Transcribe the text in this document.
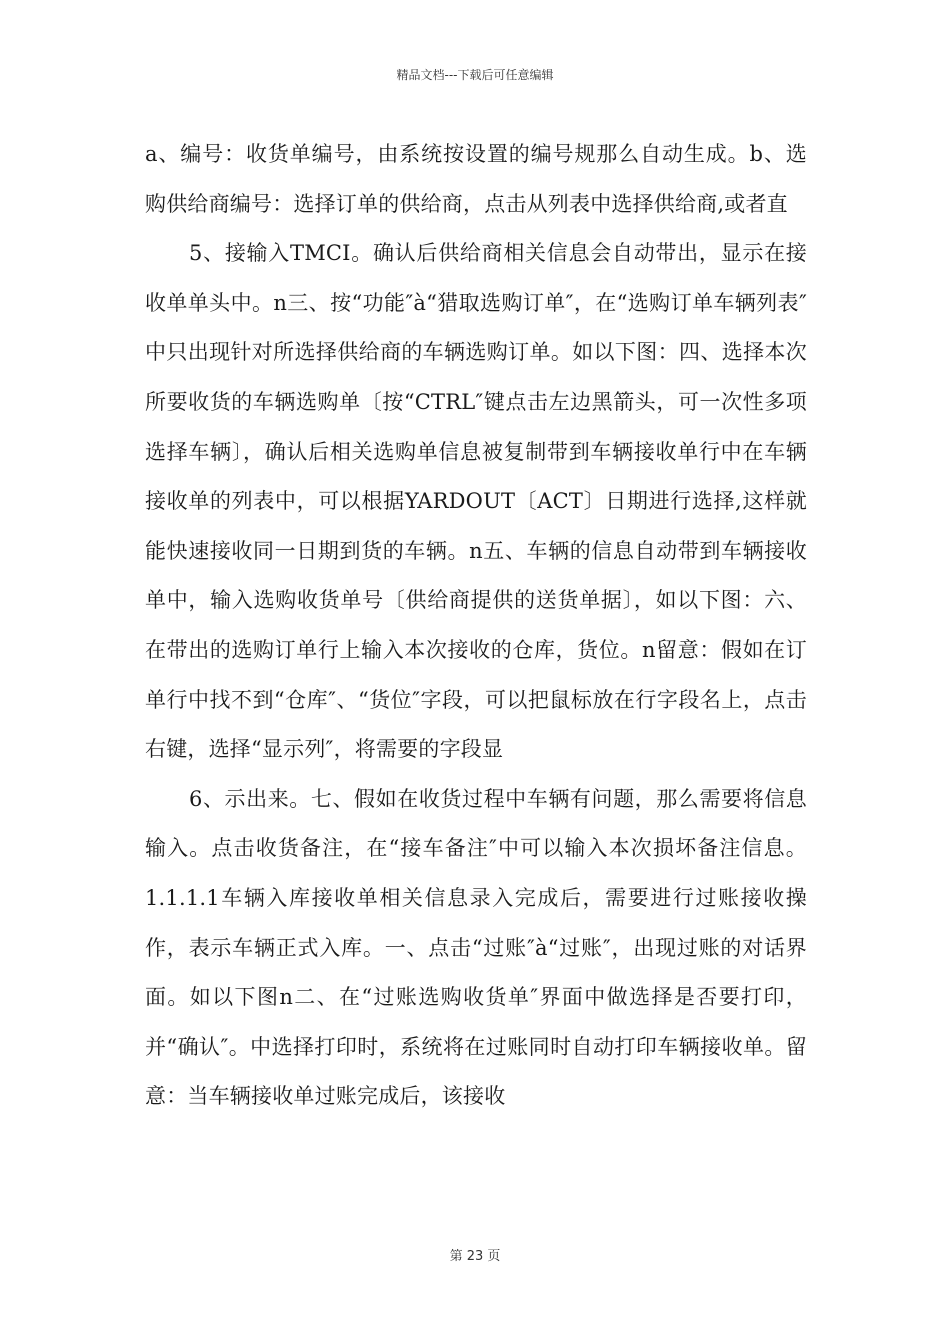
精品文档---下载后可任意编辑

a、编号：收货单编号，由系统按设置的编号规那么自动生成。b、选购供给商编号：选择订单的供给商，点击从列表中选择供给商,或者直

5、接输入TMCI。确认后供给商相关信息会自动带出，显示在接收单单头中。n三、按“功能″à“猎取选购订单″，在“选购订单车辆列表″中只出现针对所选择供给商的车辆选购订单。如以下图：四、选择本次所要收货的车辆选购单〔按“CTRL″键点击左边黑箭头，可一次性多项选择车辆〕，确认后相关选购单信息被复制带到车辆接收单行中在车辆接收单的列表中，可以根据YARDOUT〔ACT〕日期进行选择,这样就能快速接收同一日期到货的车辆。n五、车辆的信息自动带到车辆接收单中，输入选购收货单号〔供给商提供的送货单据〕，如以下图：六、在带出的选购订单行上输入本次接收的仓库，货位。n留意：假如在订单行中找不到“仓库″、“货位″字段，可以把鼠标放在行字段名上，点击右键，选择“显示列″，将需要的字段显

6、示出来。七、假如在收货过程中车辆有问题，那么需要将信息输入。点击收货备注，在“接车备注″中可以输入本次损坏备注信息。1.1.1.1车辆入库接收单相关信息录入完成后，需要进行过账接收操作，表示车辆正式入库。一、点击“过账″à“过账″，出现过账的对话界面。如以下图n二、在“过账选购收货单″界面中做选择是否要打印，并“确认″。中选择打印时，系统将在过账同时自动打印车辆接收单。留意：当车辆接收单过账完成后，该接收

第 23 页
